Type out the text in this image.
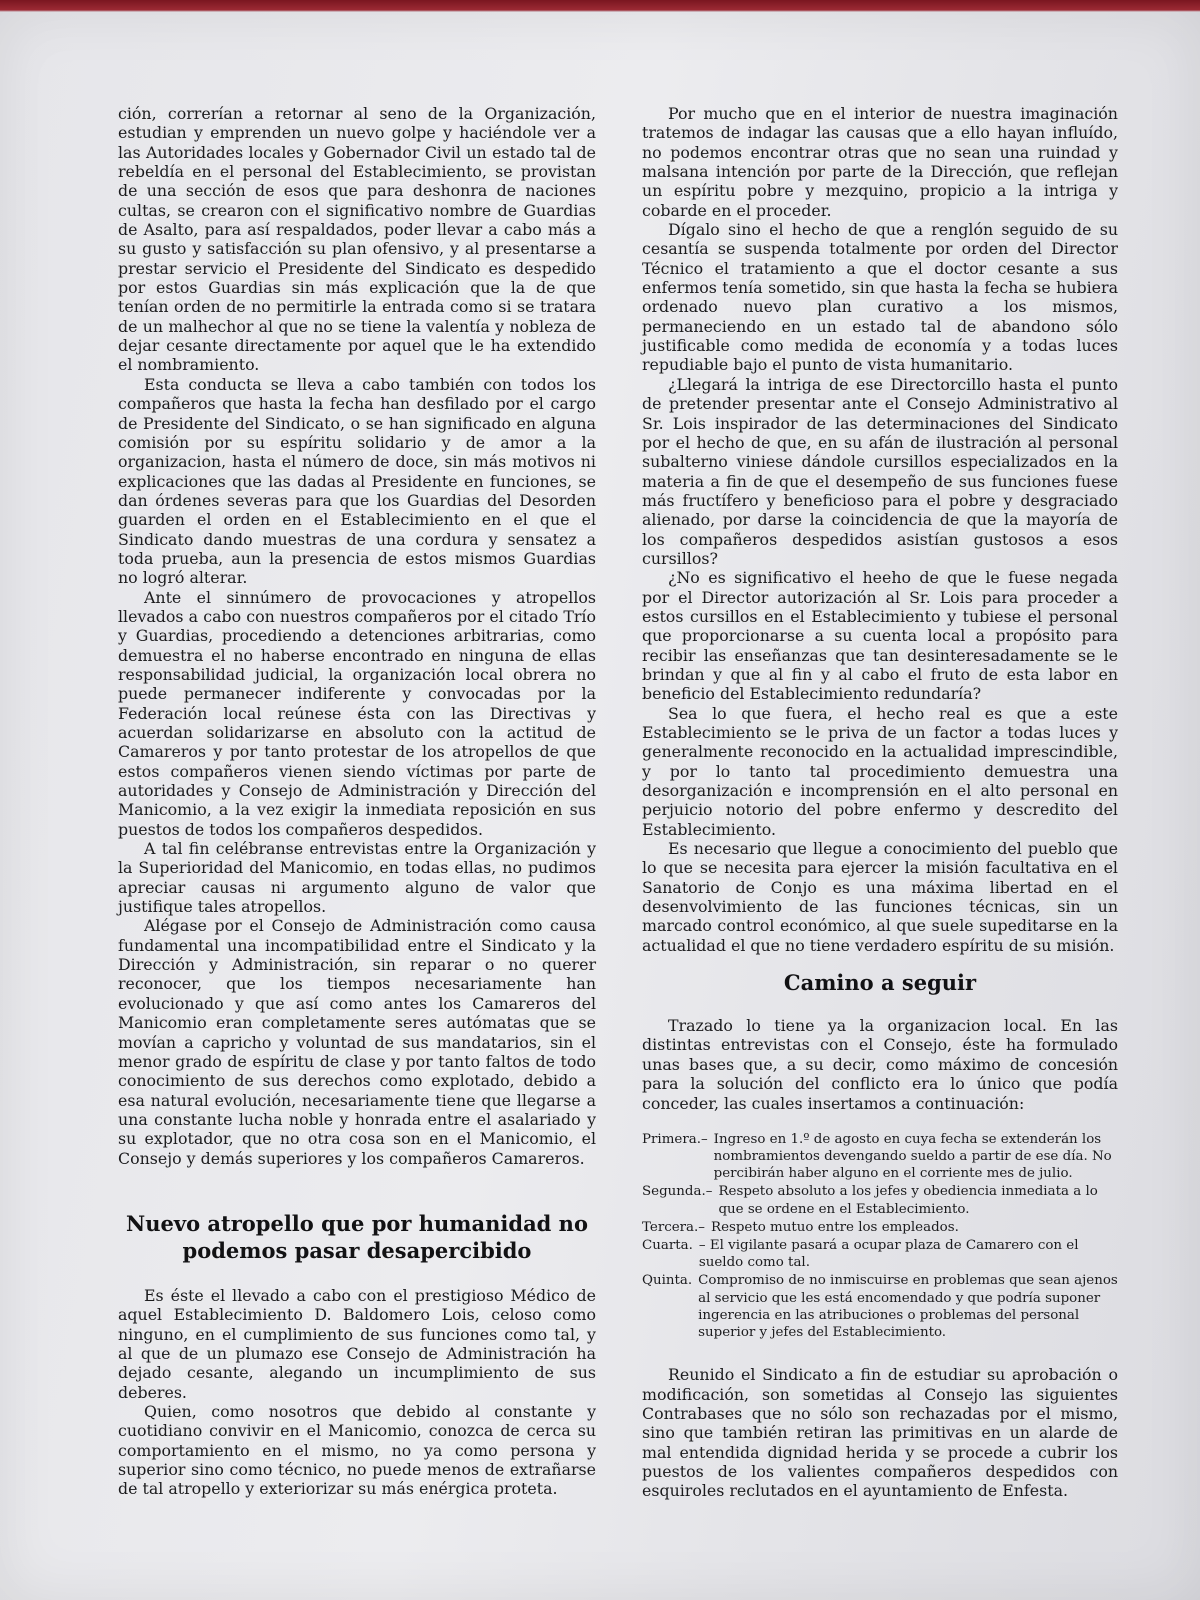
ción, correrían a retornar al seno de la Organización, estudian y emprenden un nuevo golpe y haciéndole ver a las Autoridades locales y Gobernador Civil un estado tal de rebeldía en el personal del Establecimiento, se provistan de una sección de esos que para deshonra de naciones cultas, se crearon con el significativo nombre de Guardias de Asalto, para así respaldados, poder llevar a cabo más a su gusto y satisfacción su plan ofensivo, y al presentarse a prestar servicio el Presidente del Sindicato es despedido por estos Guardias sin más explicación que la de que tenían orden de no permitirle la entrada como si se tratara de un malhechor al que no se tiene la valentía y nobleza de dejar cesante directamente por aquel que le ha extendido el nombramiento.

Esta conducta se lleva a cabo también con todos los compañeros que hasta la fecha han desfilado por el cargo de Presidente del Sindicato, o se han significado en alguna comisión por su espíritu solidario y de amor a la organizacion, hasta el número de doce, sin más motivos ni explicaciones que las dadas al Presidente en funciones, se dan órdenes severas para que los Guardias del Desorden guarden el orden en el Establecimiento en el que el Sindicato dando muestras de una cordura y sensatez a toda prueba, aun la presencia de estos mismos Guardias no logró alterar.

Ante el sinnúmero de provocaciones y atropellos llevados a cabo con nuestros compañeros por el citado Trío y Guardias, procediendo a detenciones arbitrarias, como demuestra el no haberse encontrado en ninguna de ellas responsabilidad judicial, la organización local obrera no puede permanecer indiferente y convocadas por la Federación local reúnese ésta con las Directivas y acuerdan solidarizarse en absoluto con la actitud de Camareros y por tanto protestar de los atropellos de que estos compañeros vienen siendo víctimas por parte de autoridades y Consejo de Administración y Dirección del Manicomio, a la vez exigir la inmediata reposición en sus puestos de todos los compañeros despedidos.

A tal fin celébranse entrevistas entre la Organización y la Superioridad del Manicomio, en todas ellas, no pudimos apreciar causas ni argumento alguno de valor que justifique tales atropellos.

Alégase por el Consejo de Administración como causa fundamental una incompatibilidad entre el Sindicato y la Dirección y Administración, sin reparar o no querer reconocer, que los tiempos necesariamente han evolucionado y que así como antes los Camareros del Manicomio eran completamente seres autómatas que se movían a capricho y voluntad de sus mandatarios, sin el menor grado de espíritu de clase y por tanto faltos de todo conocimiento de sus derechos como explotado, debido a esa natural evolución, necesariamente tiene que llegarse a una constante lucha noble y honrada entre el asalariado y su explotador, que no otra cosa son en el Manicomio, el Consejo y demás superiores y los compañeros Camareros.

Nuevo atropello que por humanidad no podemos pasar desapercibido

Es éste el llevado a cabo con el prestigioso Médico de aquel Establecimiento D. Baldomero Lois, celoso como ninguno, en el cumplimiento de sus funciones como tal, y al que de un plumazo ese Consejo de Administración ha dejado cesante, alegando un incumplimiento de sus deberes.

Quien, como nosotros que debido al constante y cuotidiano convivir en el Manicomio, conozca de cerca su comportamiento en el mismo, no ya como persona y superior sino como técnico, no puede menos de extrañarse de tal atropello y exteriorizar su más enérgica proteta.

Por mucho que en el interior de nuestra imaginación tratemos de indagar las causas que a ello hayan influído, no podemos encontrar otras que no sean una ruindad y malsana intención por parte de la Dirección, que reflejan un espíritu pobre y mezquino, propicio a la intriga y cobarde en el proceder.

Dígalo sino el hecho de que a renglón seguido de su cesantía se suspenda totalmente por orden del Director Técnico el tratamiento a que el doctor cesante a sus enfermos tenía sometido, sin que hasta la fecha se hubiera ordenado nuevo plan curativo a los mismos, permaneciendo en un estado tal de abandono sólo justificable como medida de economía y a todas luces repudiable bajo el punto de vista humanitario.

¿Llegará la intriga de ese Directorcillo hasta el punto de pretender presentar ante el Consejo Administrativo al Sr. Lois inspirador de las determinaciones del Sindicato por el hecho de que, en su afán de ilustración al personal subalterno viniese dándole cursillos especializados en la materia a fin de que el desempeño de sus funciones fuese más fructífero y beneficioso para el pobre y desgraciado alienado, por darse la coincidencia de que la mayoría de los compañeros despedidos asistían gustosos a esos cursillos?

¿No es significativo el heeho de que le fuese negada por el Director autorización al Sr. Lois para proceder a estos cursillos en el Establecimiento y tubiese el personal que proporcionarse a su cuenta local a propósito para recibir las enseñanzas que tan desinteresadamente se le brindan y que al fin y al cabo el fruto de esta labor en beneficio del Establecimiento redundaría?

Sea lo que fuera, el hecho real es que a este Establecimiento se le priva de un factor a todas luces y generalmente reconocido en la actualidad imprescindible, y por lo tanto tal procedimiento demuestra una desorganización e incomprensión en el alto personal en perjuicio notorio del pobre enfermo y descredito del Establecimiento.

Es necesario que llegue a conocimiento del pueblo que lo que se necesita para ejercer la misión facultativa en el Sanatorio de Conjo es una máxima libertad en el desenvolvimiento de las funciones técnicas, sin un marcado control económico, al que suele supeditarse en la actualidad el que no tiene verdadero espíritu de su misión.

Camino a seguir

Trazado lo tiene ya la organizacion local. En las distintas entrevistas con el Consejo, éste ha formulado unas bases que, a su decir, como máximo de concesión para la solución del conflicto era lo único que podía conceder, las cuales insertamos a continuación:

Primera.– Ingreso en 1.º de agosto en cuya fecha se extenderán los nombramientos devengando sueldo a partir de ese día. No percibirán haber alguno en el corriente mes de julio.
Segunda.– Respeto absoluto a los jefes y obediencia inmediata a lo que se ordene en el Establecimiento.
Tercera.– Respeto mutuo entre los empleados.
Cuarta. – El vigilante pasará a ocupar plaza de Camarero con el sueldo como tal.
Quinta. Compromiso de no inmiscuirse en problemas que sean ajenos al servicio que les está encomendado y que podría suponer ingerencia en las atribuciones o problemas del personal superior y jefes del Establecimiento.

Reunido el Sindicato a fin de estudiar su aprobación o modificación, son sometidas al Consejo las siguientes Contrabases que no sólo son rechazadas por el mismo, sino que también retiran las primitivas en un alarde de mal entendida dignidad herida y se procede a cubrir los puestos de los valientes compañeros despedidos con esquiroles reclutados en el ayuntamiento de Enfesta.
